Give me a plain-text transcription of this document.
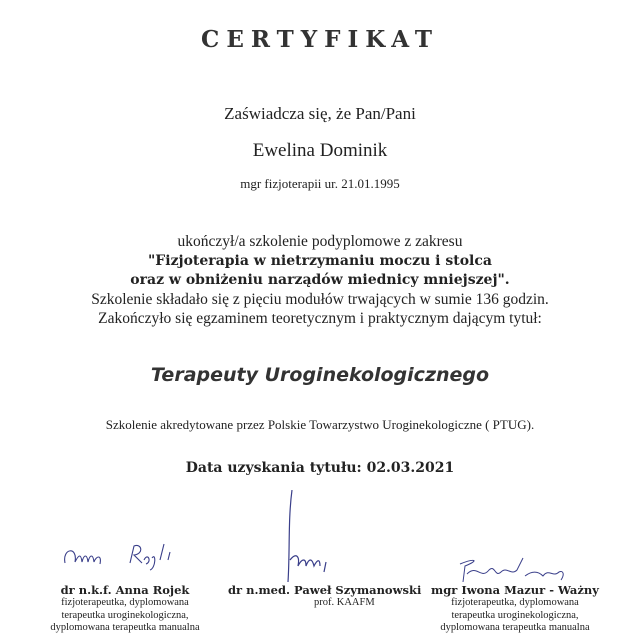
CERTYFIKAT
Zaświadcza się, że Pan/Pani
Ewelina Dominik
mgr fizjoterapii ur. 21.01.1995
ukończył/a szkolenie podyplomowe z zakresu
"Fizjoterapia w nietrzymaniu moczu i stolca
oraz w obniżeniu narządów miednicy mniejszej".
Szkolenie składało się z pięciu modułów trwających w sumie 136 godzin.
Zakończyło się egzaminem teoretycznym i praktycznym dającym tytuł:
Terapeuty Uroginekologicznego
Szkolenie akredytowane przez Polskie Towarzystwo Uroginekologiczne ( PTUG).
Data uzyskania tytułu: 02.03.2021
dr n.k.f. Anna Rojek
fizjoterapeutka, dyplomowana
terapeutka uroginekologiczna,
dyplomowana terapeutka manualna
dr n.med. Paweł Szymanowski
prof. KAAFM
mgr Iwona Mazur - Ważny
fizjoterapeutka, dyplomowana
terapeutka uroginekologiczna,
dyplomowana terapeutka manualna
